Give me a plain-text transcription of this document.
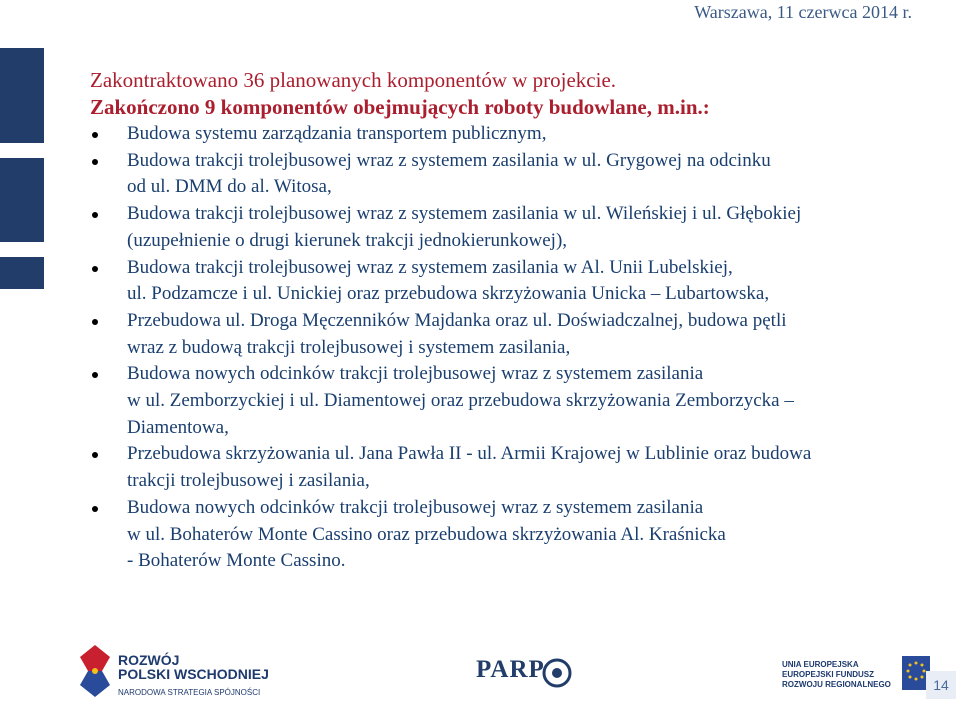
Warszawa, 11 czerwca 2014 r.

Zakontraktowano 36 planowanych komponentów w projekcie.

Zakończono 9 komponentów obejmujących roboty budowlane, m.in.:

Budowa systemu zarządzania transportem publicznym,
Budowa trakcji trolejbusowej wraz z systemem zasilania w ul. Grygowej na odcinku
od ul. DMM do al. Witosa,
Budowa trakcji trolejbusowej wraz z systemem zasilania w ul. Wileńskiej i ul. Głębokiej
(uzupełnienie o drugi kierunek trakcji jednokierunkowej),
Budowa trakcji trolejbusowej wraz z systemem zasilania w Al. Unii Lubelskiej,
ul. Podzamcze i ul. Unickiej oraz przebudowa skrzyżowania Unicka – Lubartowska,
Przebudowa ul. Droga Męczenników Majdanka oraz ul. Doświadczalnej, budowa pętli
wraz z budową trakcji trolejbusowej i systemem zasilania,
Budowa nowych odcinków trakcji trolejbusowej wraz z systemem zasilania
w ul. Zemborzyckiej i ul. Diamentowej oraz przebudowa skrzyżowania Zemborzycka –
Diamentowa,
Przebudowa skrzyżowania ul. Jana Pawła II - ul. Armii Krajowej w Lublinie oraz budowa
trakcji trolejbusowej i zasilania,
Budowa nowych odcinków trakcji trolejbusowej wraz z systemem zasilania
w ul. Bohaterów Monte Cassino oraz przebudowa skrzyżowania Al. Kraśnicka
- Bohaterów Monte Cassino.
ROZWÓJ
POLSKI WSCHODNIEJ
NARODOWA STRATEGIA SPÓJNOŚCI
PARP	UNIA EUROPEJSKA
EUROPEJSKI FUNDUSZ
ROZWOJU REGIONALNEGO	14
